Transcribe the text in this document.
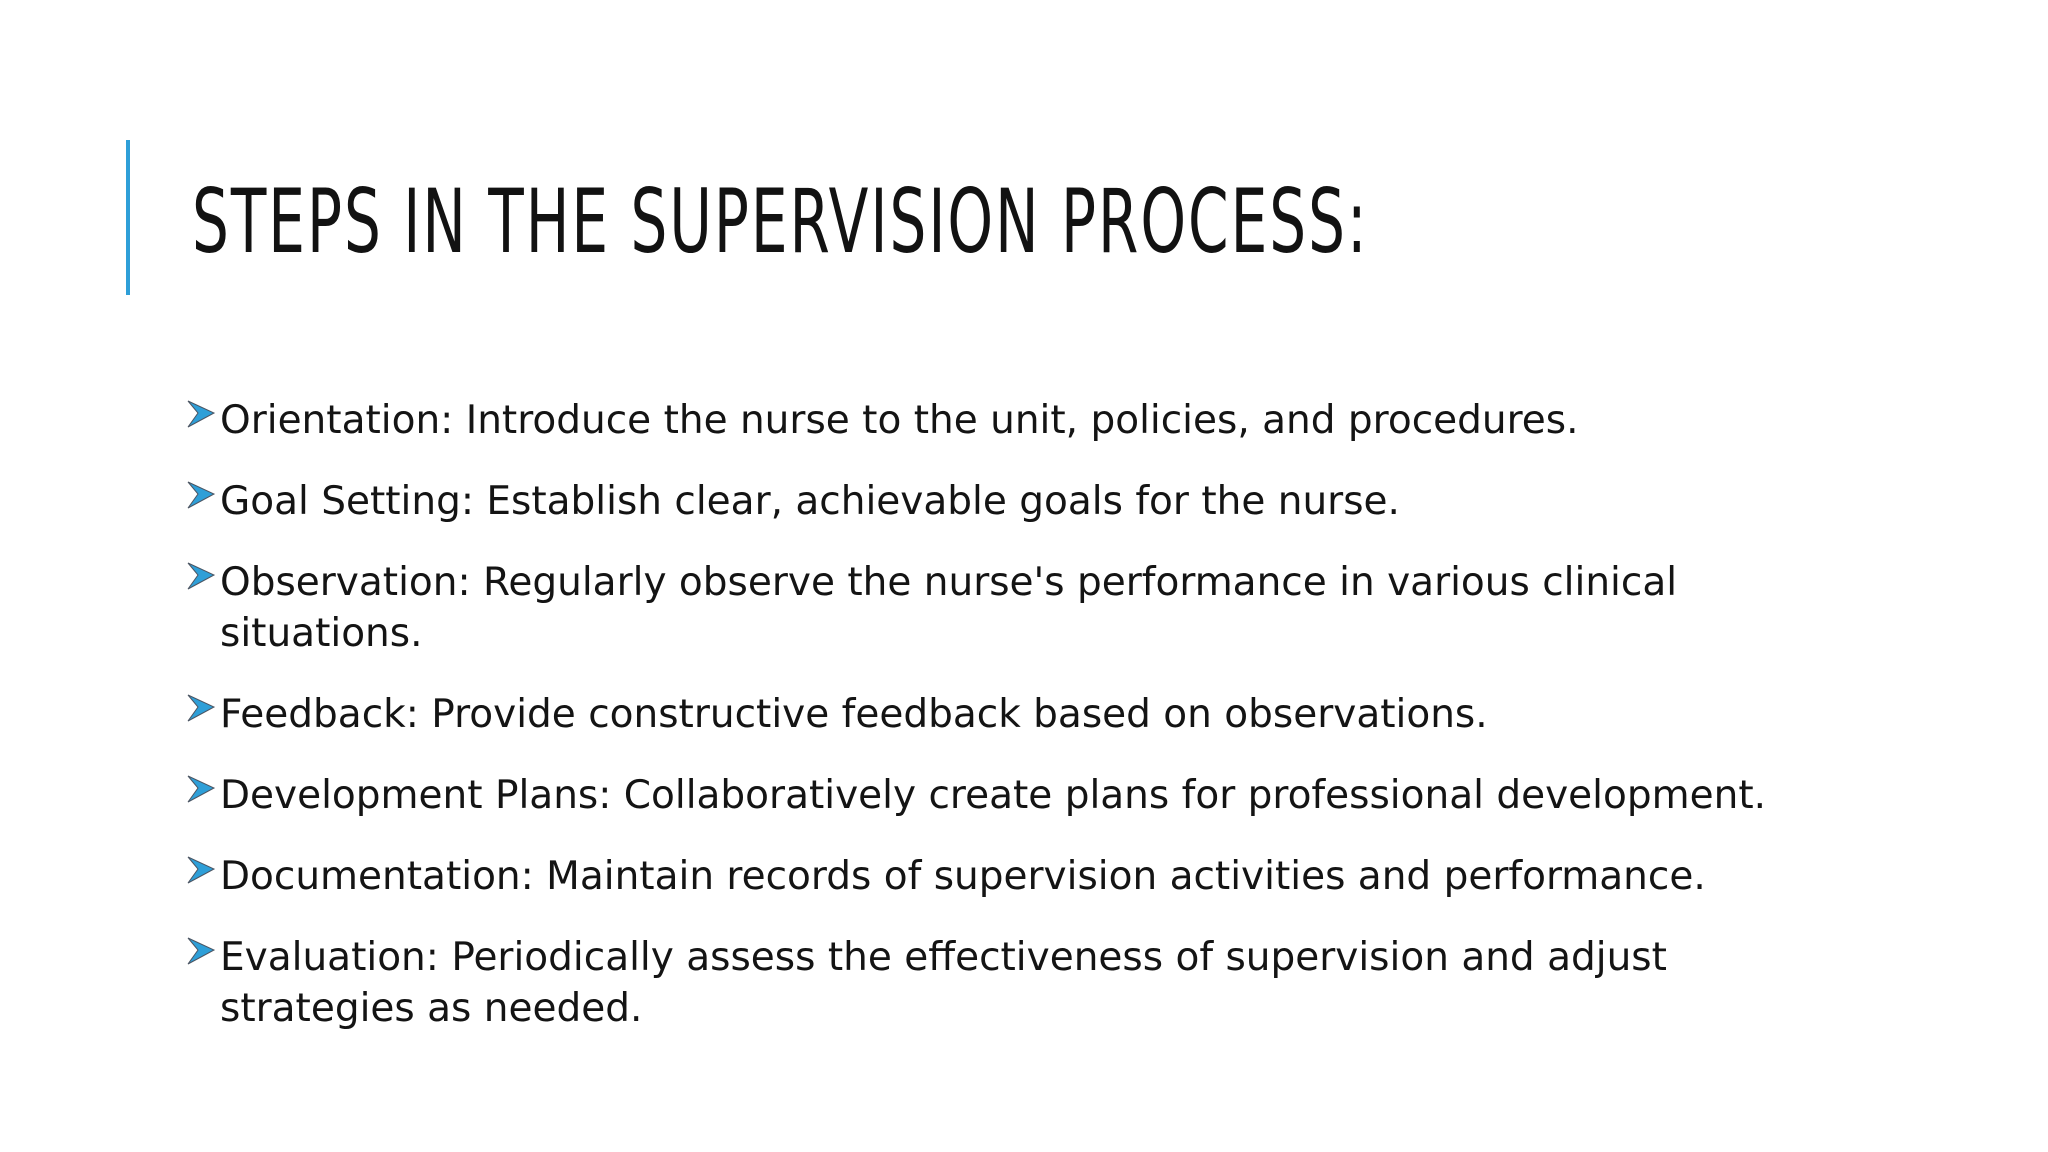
STEPS IN THE SUPERVISION PROCESS:
Orientation: Introduce the nurse to the unit, policies, and procedures.
Goal Setting: Establish clear, achievable goals for the nurse.
Observation: Regularly observe the nurse's performance in various clinical situations.
Feedback: Provide constructive feedback based on observations.
Development Plans: Collaboratively create plans for professional development.
Documentation: Maintain records of supervision activities and performance.
Evaluation: Periodically assess the effectiveness of supervision and adjust strategies as needed.
